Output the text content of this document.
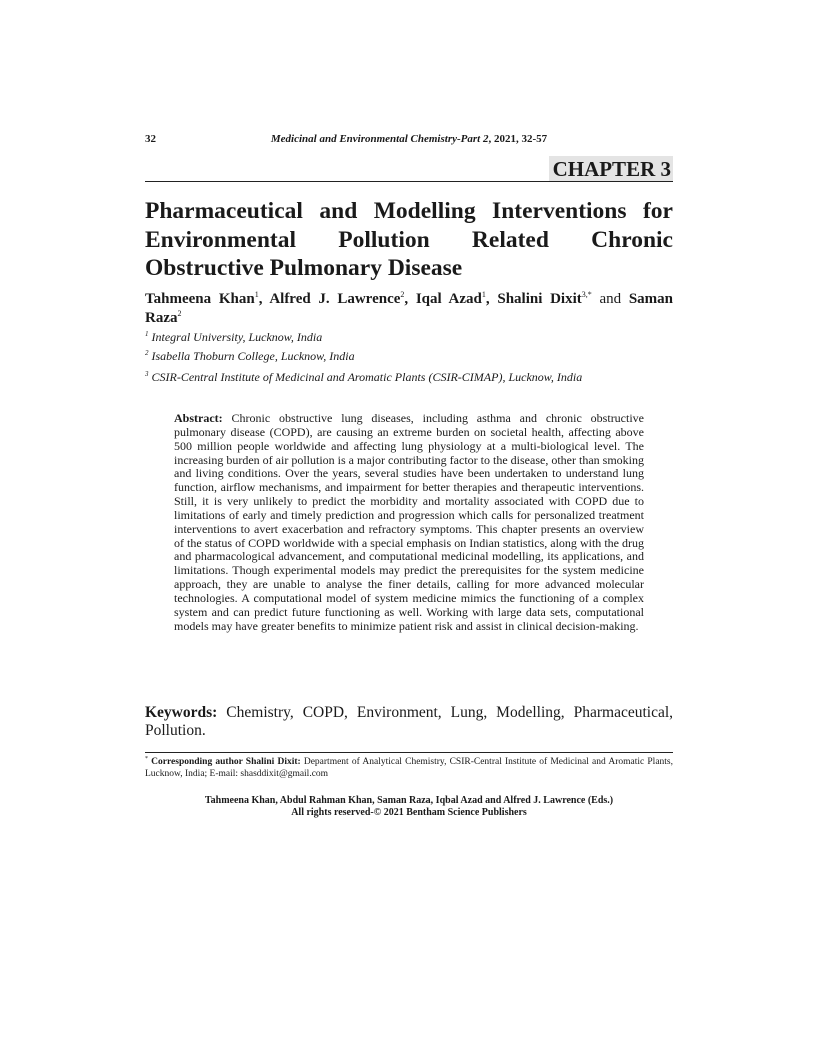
32	Medicinal and Environmental Chemistry-Part 2, 2021, 32-57
CHAPTER 3
Pharmaceutical and Modelling Interventions for Environmental Pollution Related Chronic Obstructive Pulmonary Disease
Tahmeena Khan$^1$, Alfred J. Lawrence$^2$, Iqal Azad$^1$, Shalini Dixit$^{3,*}$ and Saman Raza$^2$
$^1$ Integral University, Lucknow, India
$^2$ Isabella Thoburn College, Lucknow, India
$^3$ CSIR-Central Institute of Medicinal and Aromatic Plants (CSIR-CIMAP), Lucknow, India

Abstract: Chronic obstructive lung diseases, including asthma and chronic obstructive pulmonary disease (COPD), are causing an extreme burden on societal health, affecting above 500 million people worldwide and affecting lung physiology at a multi-biological level. The increasing burden of air pollution is a major contributing factor to the disease, other than smoking and living conditions. Over the years, several studies have been undertaken to understand lung function, airflow mechanisms, and impairment for better therapies and therapeutic interventions. Still, it is very unlikely to predict the morbidity and mortality associated with COPD due to limitations of early and timely prediction and progression which calls for personalized treatment interventions to avert exacerbation and refractory symptoms. This chapter presents an overview of the status of COPD worldwide with a special emphasis on Indian statistics, along with the drug and pharmacological advancement, and computational medicinal modelling, its applications, and limitations. Though experimental models may predict the prerequisites for the system medicine approach, they are unable to analyse the finer details, calling for more advanced molecular technologies. A computational model of system medicine mimics the functioning of a complex system and can predict future functioning as well. Working with large data sets, computational models may have greater benefits to minimize patient risk and assist in clinical decision-making.

Keywords: Chemistry, COPD, Environment, Lung, Modelling, Pharmaceutical, Pollution.

* Corresponding author Shalini Dixit: Department of Analytical Chemistry, CSIR-Central Institute of Medicinal and Aromatic Plants, Lucknow, India; E-mail: shasddixit@gmail.com

Tahmeena Khan, Abdul Rahman Khan, Saman Raza, Iqbal Azad and Alfred J. Lawrence (Eds.)
All rights reserved-© 2021 Bentham Science Publishers
